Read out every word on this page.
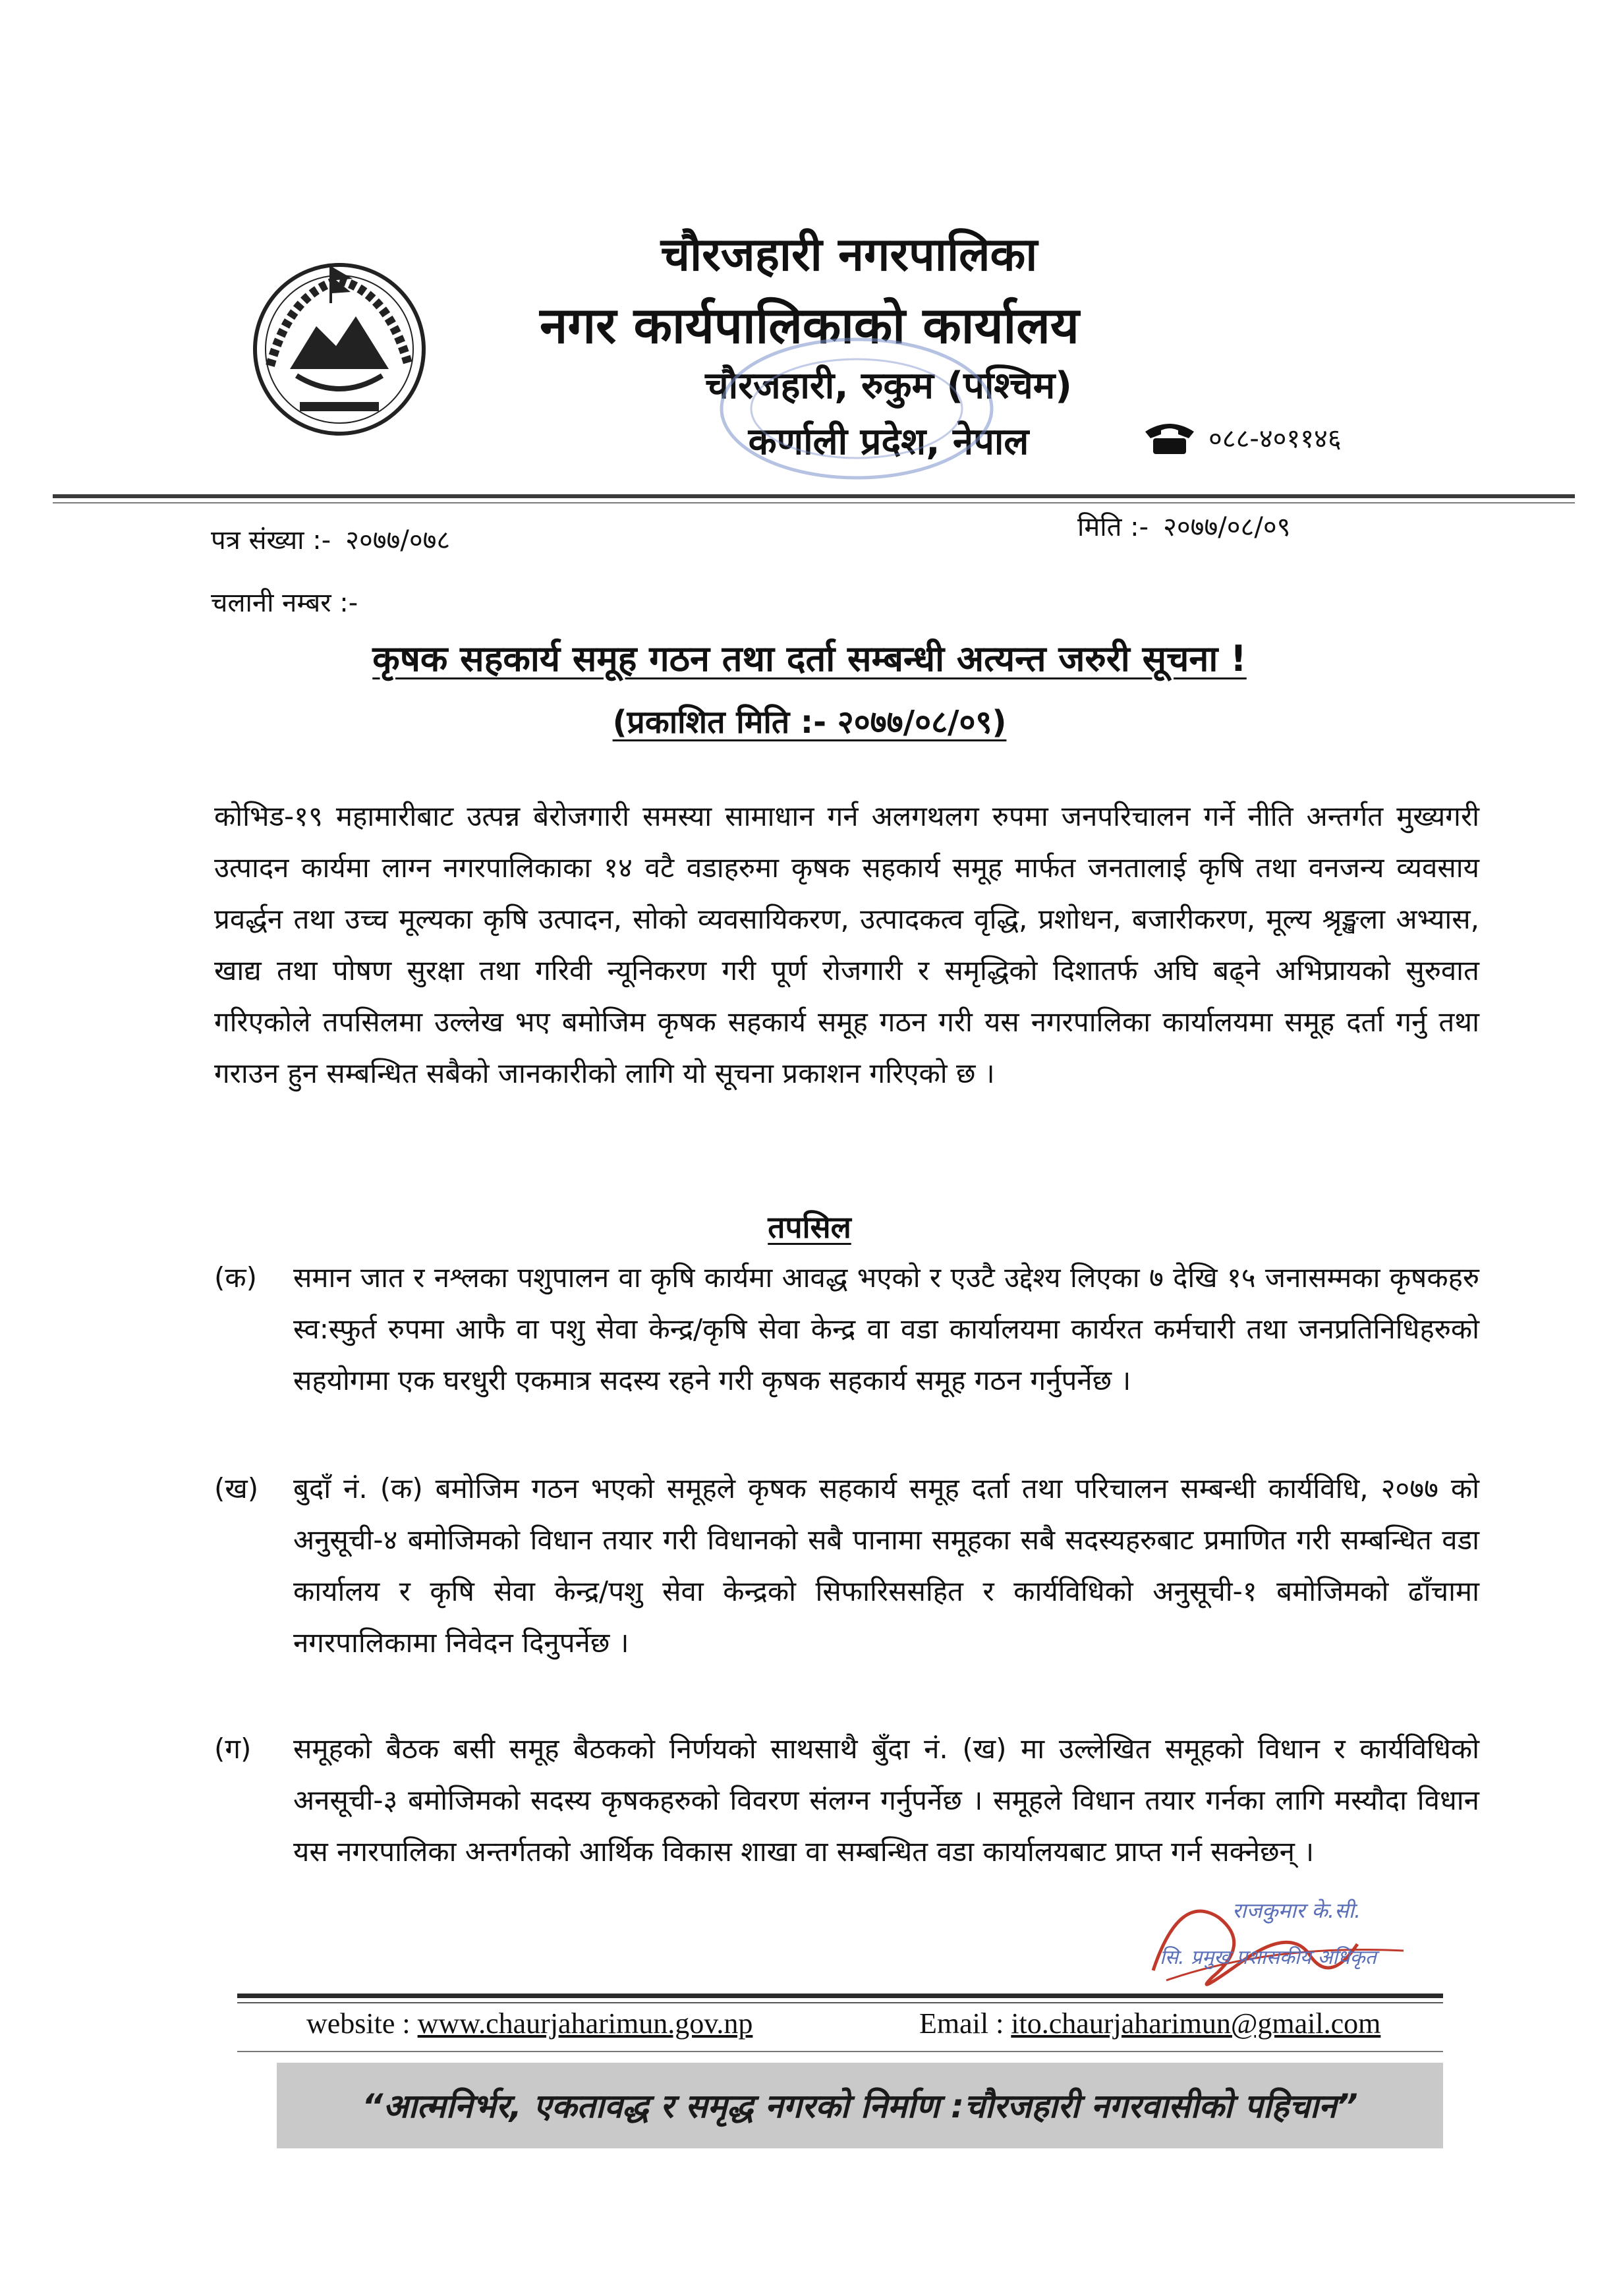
चौरजहारी नगरपालिका
नगर कार्यपालिकाको कार्यालय
चौरजहारी, रुकुम (पश्चिम)
कर्णाली प्रदेश, नेपाल	०८८-४०११४६
पत्र संख्या :- २०७७/०७८	मिति :- २०७७/०८/०९
चलानी नम्बर :-
कृषक सहकार्य समूह गठन तथा दर्ता सम्बन्धी अत्यन्त जरुरी सूचना !
(प्रकाशित मिति :- २०७७/०८/०९)
कोभिड-१९ महामारीबाट उत्पन्न बेरोजगारी समस्या सामाधान गर्न अलगथलग रुपमा जनपरिचालन गर्ने नीति अन्तर्गत मुख्यगरी उत्पादन कार्यमा लाग्न नगरपालिकाका १४ वटै वडाहरुमा कृषक सहकार्य समूह मार्फत जनतालाई कृषि तथा वनजन्य व्यवसाय प्रवर्द्धन तथा उच्च मूल्यका कृषि उत्पादन, सोको व्यवसायिकरण, उत्पादकत्व वृद्धि, प्रशोधन, बजारीकरण, मूल्य श्रृङ्खला अभ्यास, खाद्य तथा पोषण सुरक्षा तथा गरिवी न्यूनिकरण गरी पूर्ण रोजगारी र समृद्धिको दिशातर्फ अघि बढ्ने अभिप्रायको सुरुवात गरिएकोले तपसिलमा उल्लेख भए बमोजिम कृषक सहकार्य समूह गठन गरी यस नगरपालिका कार्यालयमा समूह दर्ता गर्नु तथा गराउन हुन सम्बन्धित सबैको जानकारीको लागि यो सूचना प्रकाशन गरिएको छ ।
तपसिल
(क)	समान जात र नश्लका पशुपालन वा कृषि कार्यमा आवद्ध भएको र एउटै उद्देश्य लिएका ७ देखि १५ जनासम्मका कृषकहरु स्व:स्फुर्त रुपमा आफै वा पशु सेवा केन्द्र/कृषि सेवा केन्द्र वा वडा कार्यालयमा कार्यरत कर्मचारी तथा जनप्रतिनिधिहरुको सहयोगमा एक घरधुरी एकमात्र सदस्य रहने गरी कृषक सहकार्य समूह गठन गर्नुपर्नेछ ।
(ख)	बुदाँ नं. (क) बमोजिम गठन भएको समूहले कृषक सहकार्य समूह दर्ता तथा परिचालन सम्बन्धी कार्यविधि, २०७७ को अनुसूची-४ बमोजिमको विधान तयार गरी विधानको सबै पानामा समूहका सबै सदस्यहरुबाट प्रमाणित गरी सम्बन्धित वडा कार्यालय र कृषि सेवा केन्द्र/पशु सेवा केन्द्रको सिफारिससहित र कार्यविधिको अनुसूची-१ बमोजिमको ढाँचामा नगरपालिकामा निवेदन दिनुपर्नेछ ।
(ग)	समूहको बैठक बसी समूह बैठकको निर्णयको साथसाथै बुँदा नं. (ख) मा उल्लेखित समूहको विधान र कार्यविधिको अनसूची-३ बमोजिमको सदस्य कृषकहरुको विवरण संलग्न गर्नुपर्नेछ । समूहले विधान तयार गर्नका लागि मस्यौदा विधान यस नगरपालिका अन्तर्गतको आर्थिक विकास शाखा वा सम्बन्धित वडा कार्यालयबाट प्राप्त गर्न सक्नेछन् ।
राजकुमार के.सी.
सि. प्रमुख प्रशासकीय अधिकृत
website : www.chaurjaharimun.gov.np	Email : ito.chaurjaharimun@gmail.com
“आत्मनिर्भर, एकतावद्ध र समृद्ध नगरको निर्माण :चौरजहारी नगरवासीको पहिचान”
